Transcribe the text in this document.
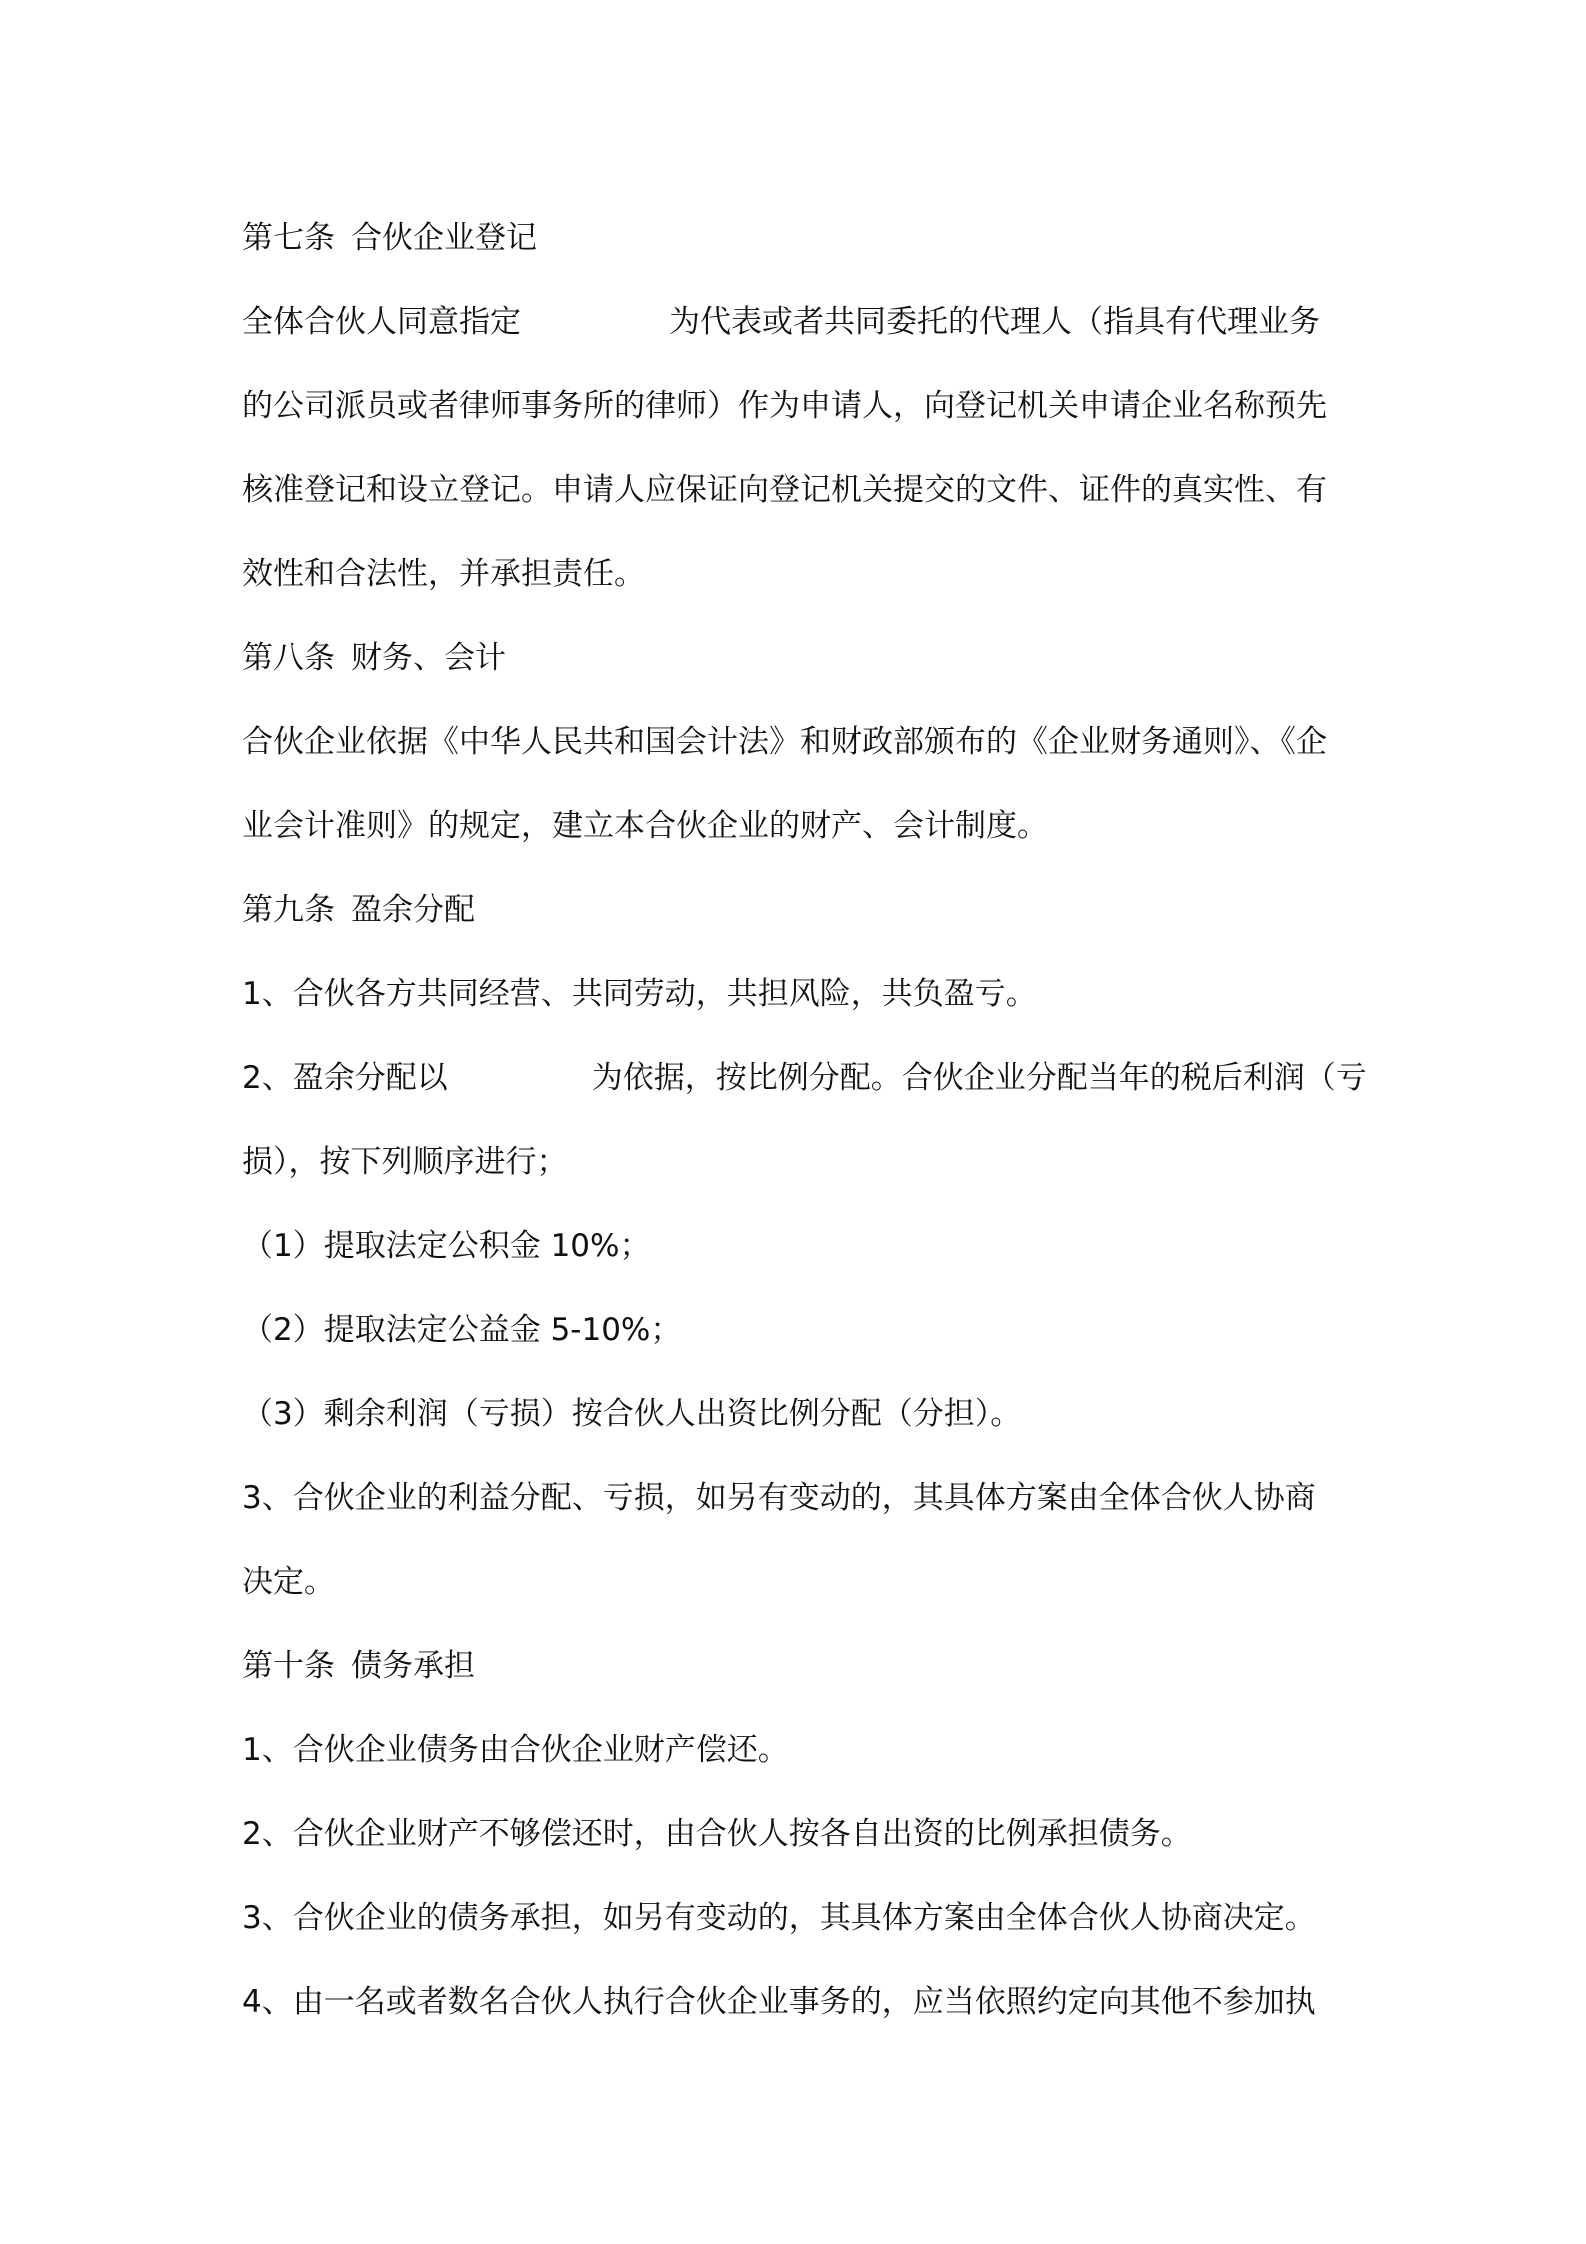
第七条 合伙企业登记
全体合伙人同意指定	为代表或者共同委托的代理人（指具有代理业务
的公司派员或者律师事务所的律师）作为申请人，向登记机关申请企业名称预先
核准登记和设立登记。申请人应保证向登记机关提交的文件、证件的真实性、有
效性和合法性，并承担责任。
第八条 财务、会计
合伙企业依据《中华人民共和国会计法》和财政部颁布的《企业财务通则》、《企
业会计准则》的规定，建立本合伙企业的财产、会计制度。
第九条 盈余分配
1、合伙各方共同经营、共同劳动，共担风险，共负盈亏。
2、盈余分配以	为依据，按比例分配。合伙企业分配当年的税后利润（亏
损），按下列顺序进行；
（1）提取法定公积金 10%；
（2）提取法定公益金 5-10%；
（3）剩余利润（亏损）按合伙人出资比例分配（分担）。
3、合伙企业的利益分配、亏损，如另有变动的，其具体方案由全体合伙人协商
决定。
第十条 债务承担
1、合伙企业债务由合伙企业财产偿还。
2、合伙企业财产不够偿还时，由合伙人按各自出资的比例承担债务。
3、合伙企业的债务承担，如另有变动的，其具体方案由全体合伙人协商决定。
4、由一名或者数名合伙人执行合伙企业事务的，应当依照约定向其他不参加执
